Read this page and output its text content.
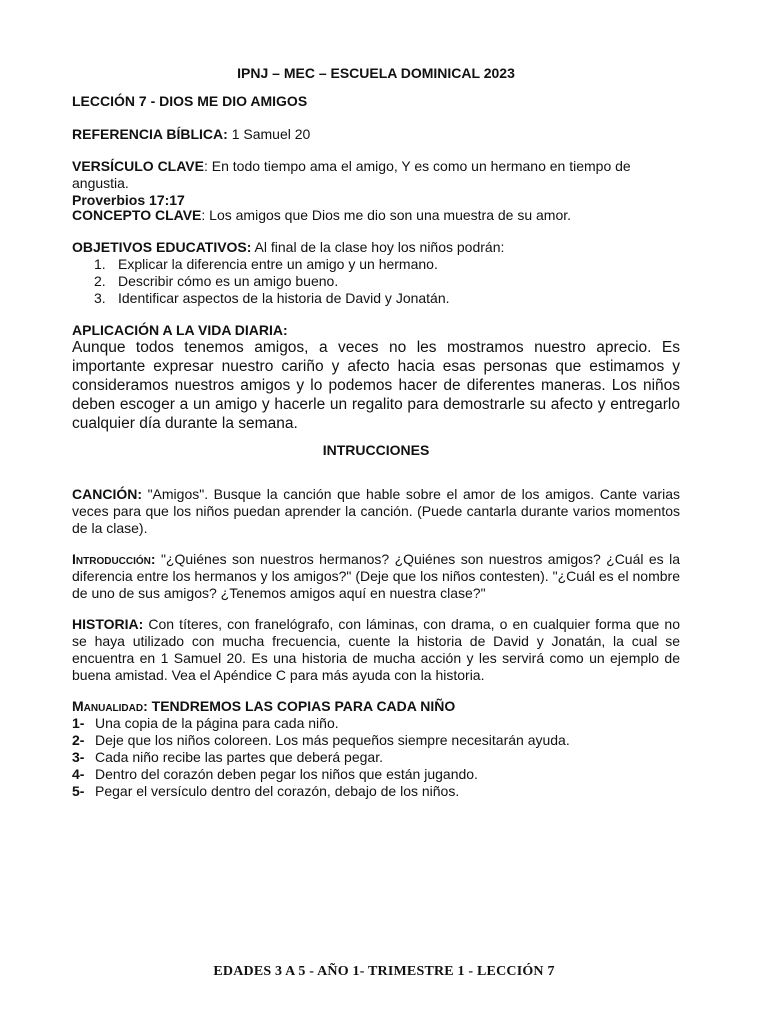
IPNJ – MEC – ESCUELA DOMINICAL 2023
LECCIÓN 7 - DIOS ME DIO AMIGOS
REFERENCIA BÍBLICA: 1 Samuel 20
VERSÍCULO CLAVE: En todo tiempo ama el amigo, Y es como un hermano en tiempo de angustia.
Proverbios 17:17
CONCEPTO CLAVE: Los amigos que Dios me dio son una muestra de su amor.
OBJETIVOS EDUCATIVOS: Al final de la clase hoy los niños podrán:
1. Explicar la diferencia entre un amigo y un hermano.
2. Describir cómo es un amigo bueno.
3. Identificar aspectos de la historia de David y Jonatán.
APLICACIÓN A LA VIDA DIARIA:
Aunque todos tenemos amigos, a veces no les mostramos nuestro aprecio. Es importante expresar nuestro cariño y afecto hacia esas personas que estimamos y consideramos nuestros amigos y lo podemos hacer de diferentes maneras. Los niños deben escoger a un amigo y hacerle un regalito para demostrarle su afecto y entregarlo cualquier día durante la semana.
INTRUCCIONES
CANCIÓN: "Amigos". Busque la canción que hable sobre el amor de los amigos. Cante varias veces para que los niños puedan aprender la canción. (Puede cantarla durante varios momentos de la clase).
Introducción: "¿Quiénes son nuestros hermanos? ¿Quiénes son nuestros amigos? ¿Cuál es la diferencia entre los hermanos y los amigos?" (Deje que los niños contesten). "¿Cuál es el nombre de uno de sus amigos? ¿Tenemos amigos aquí en nuestra clase?"
HISTORIA: Con títeres, con franelógrafo, con láminas, con drama, o en cualquier forma que no se haya utilizado con mucha frecuencia, cuente la historia de David y Jonatán, la cual se encuentra en 1 Samuel 20. Es una historia de mucha acción y les servirá como un ejemplo de buena amistad. Vea el Apéndice C para más ayuda con la historia.
Manualidad: TENDREMOS LAS COPIAS PARA CADA NIÑO
1- Una copia de la página para cada niño.
2- Deje que los niños coloreen. Los más pequeños siempre necesitarán ayuda.
3- Cada niño recibe las partes que deberá pegar.
4- Dentro del corazón deben pegar los niños que están jugando.
5- Pegar el versículo dentro del corazón, debajo de los niños.
EDADES 3 A 5 - AÑO 1- TRIMESTRE 1 - LECCIÓN 7
